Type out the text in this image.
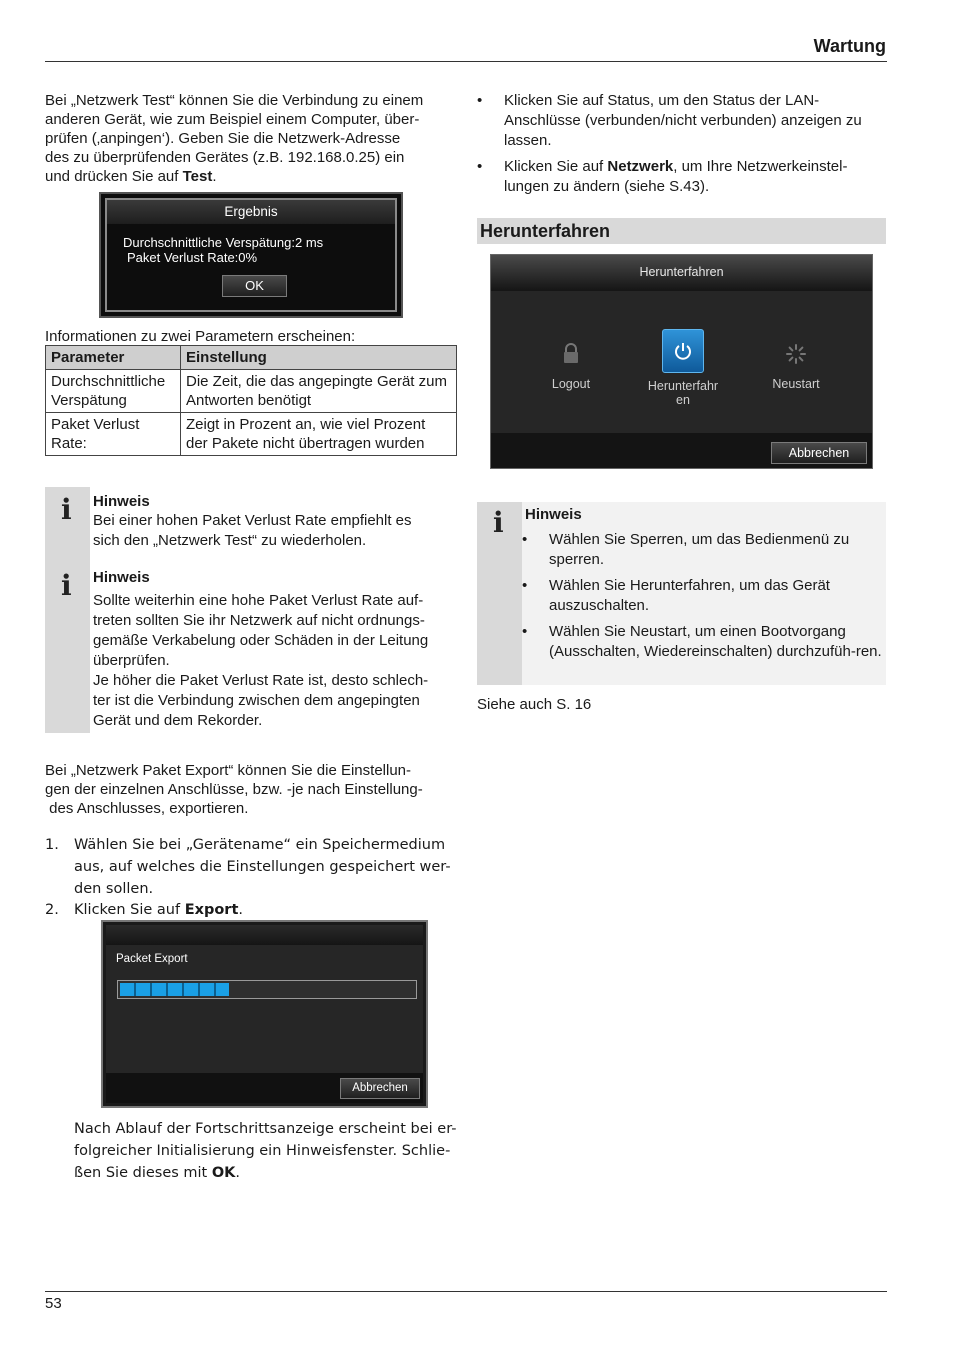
Wartung

Bei „Netzwerk Test“ können Sie die Verbindung zu einem

anderen Gerät, wie zum Beispiel einem Computer, über-

prüfen (‚anpingen‘). Geben Sie die Netzwerk-Adresse

des zu überprüfenden Gerätes (z.B. 192.168.0.25) ein

und drücken Sie auf Test.

Ergebnis
Durchschnittliche Verspätung:2 ms
Paket Verlust Rate:0%
OK
Informationen zu zwei Parametern erscheinen:
Parameter	Einstellung
Durchschnittliche Verspätung	Die Zeit, die das angepingte Gerät zum Antworten benötigt
Paket Verlust Rate:	Zeigt in Prozent an, wie viel Prozent der Pakete nicht übertragen wurden
i Hinweis

Bei einer hohen Paket Verlust Rate empfiehlt es

sich den „Netzwerk Test“ zu wiederholen.

i Hinweis

Sollte weiterhin eine hohe Paket Verlust Rate auf-

treten sollten Sie ihr Netzwerk auf nicht ordnungs-

gemäße Verkabelung oder Schäden in der Leitung

überprüfen.

Je höher die Paket Verlust Rate ist, desto schlech-

ter ist die Verbindung zwischen dem angepingten

Gerät und dem Rekorder.

Bei „Netzwerk Paket Export“ können Sie die Einstellun-

gen der einzelnen Anschlüsse, bzw. -je nach Einstellung-

des Anschlusses, exportieren.

1. Wählen Sie bei „Gerätename“ ein Speichermedium
aus, auf welches die Einstellungen gespeichert wer-
den sollen.
2. Klicken Sie auf Export.
Packet Export
Abbrechen
Nach Ablauf der Fortschrittsanzeige erscheint bei er-
folgreicher Initialisierung ein Hinweisfenster. Schlie-
ßen Sie dieses mit OK.
• Klicken Sie auf Status, um den Status der LAN-Anschlüsse (verbunden/nicht verbunden) anzeigen zu lassen.
• Klicken Sie auf Netzwerk, um Ihre Netzwerkeinstel-lungen zu ändern (siehe S.43).
Herunterfahren
Herunterfahren
Logout	Herunterfahr
en
Neustart
Abbrechen
i Hinweis

• Wählen Sie Sperren, um das Bedienmenü zu sperren.
• Wählen Sie Herunterfahren, um das Gerät auszuschalten.
• Wählen Sie Neustart, um einen Bootvorgang (Ausschalten, Wiedereinschalten) durchzufüh-ren.
Siehe auch S. 16
53
